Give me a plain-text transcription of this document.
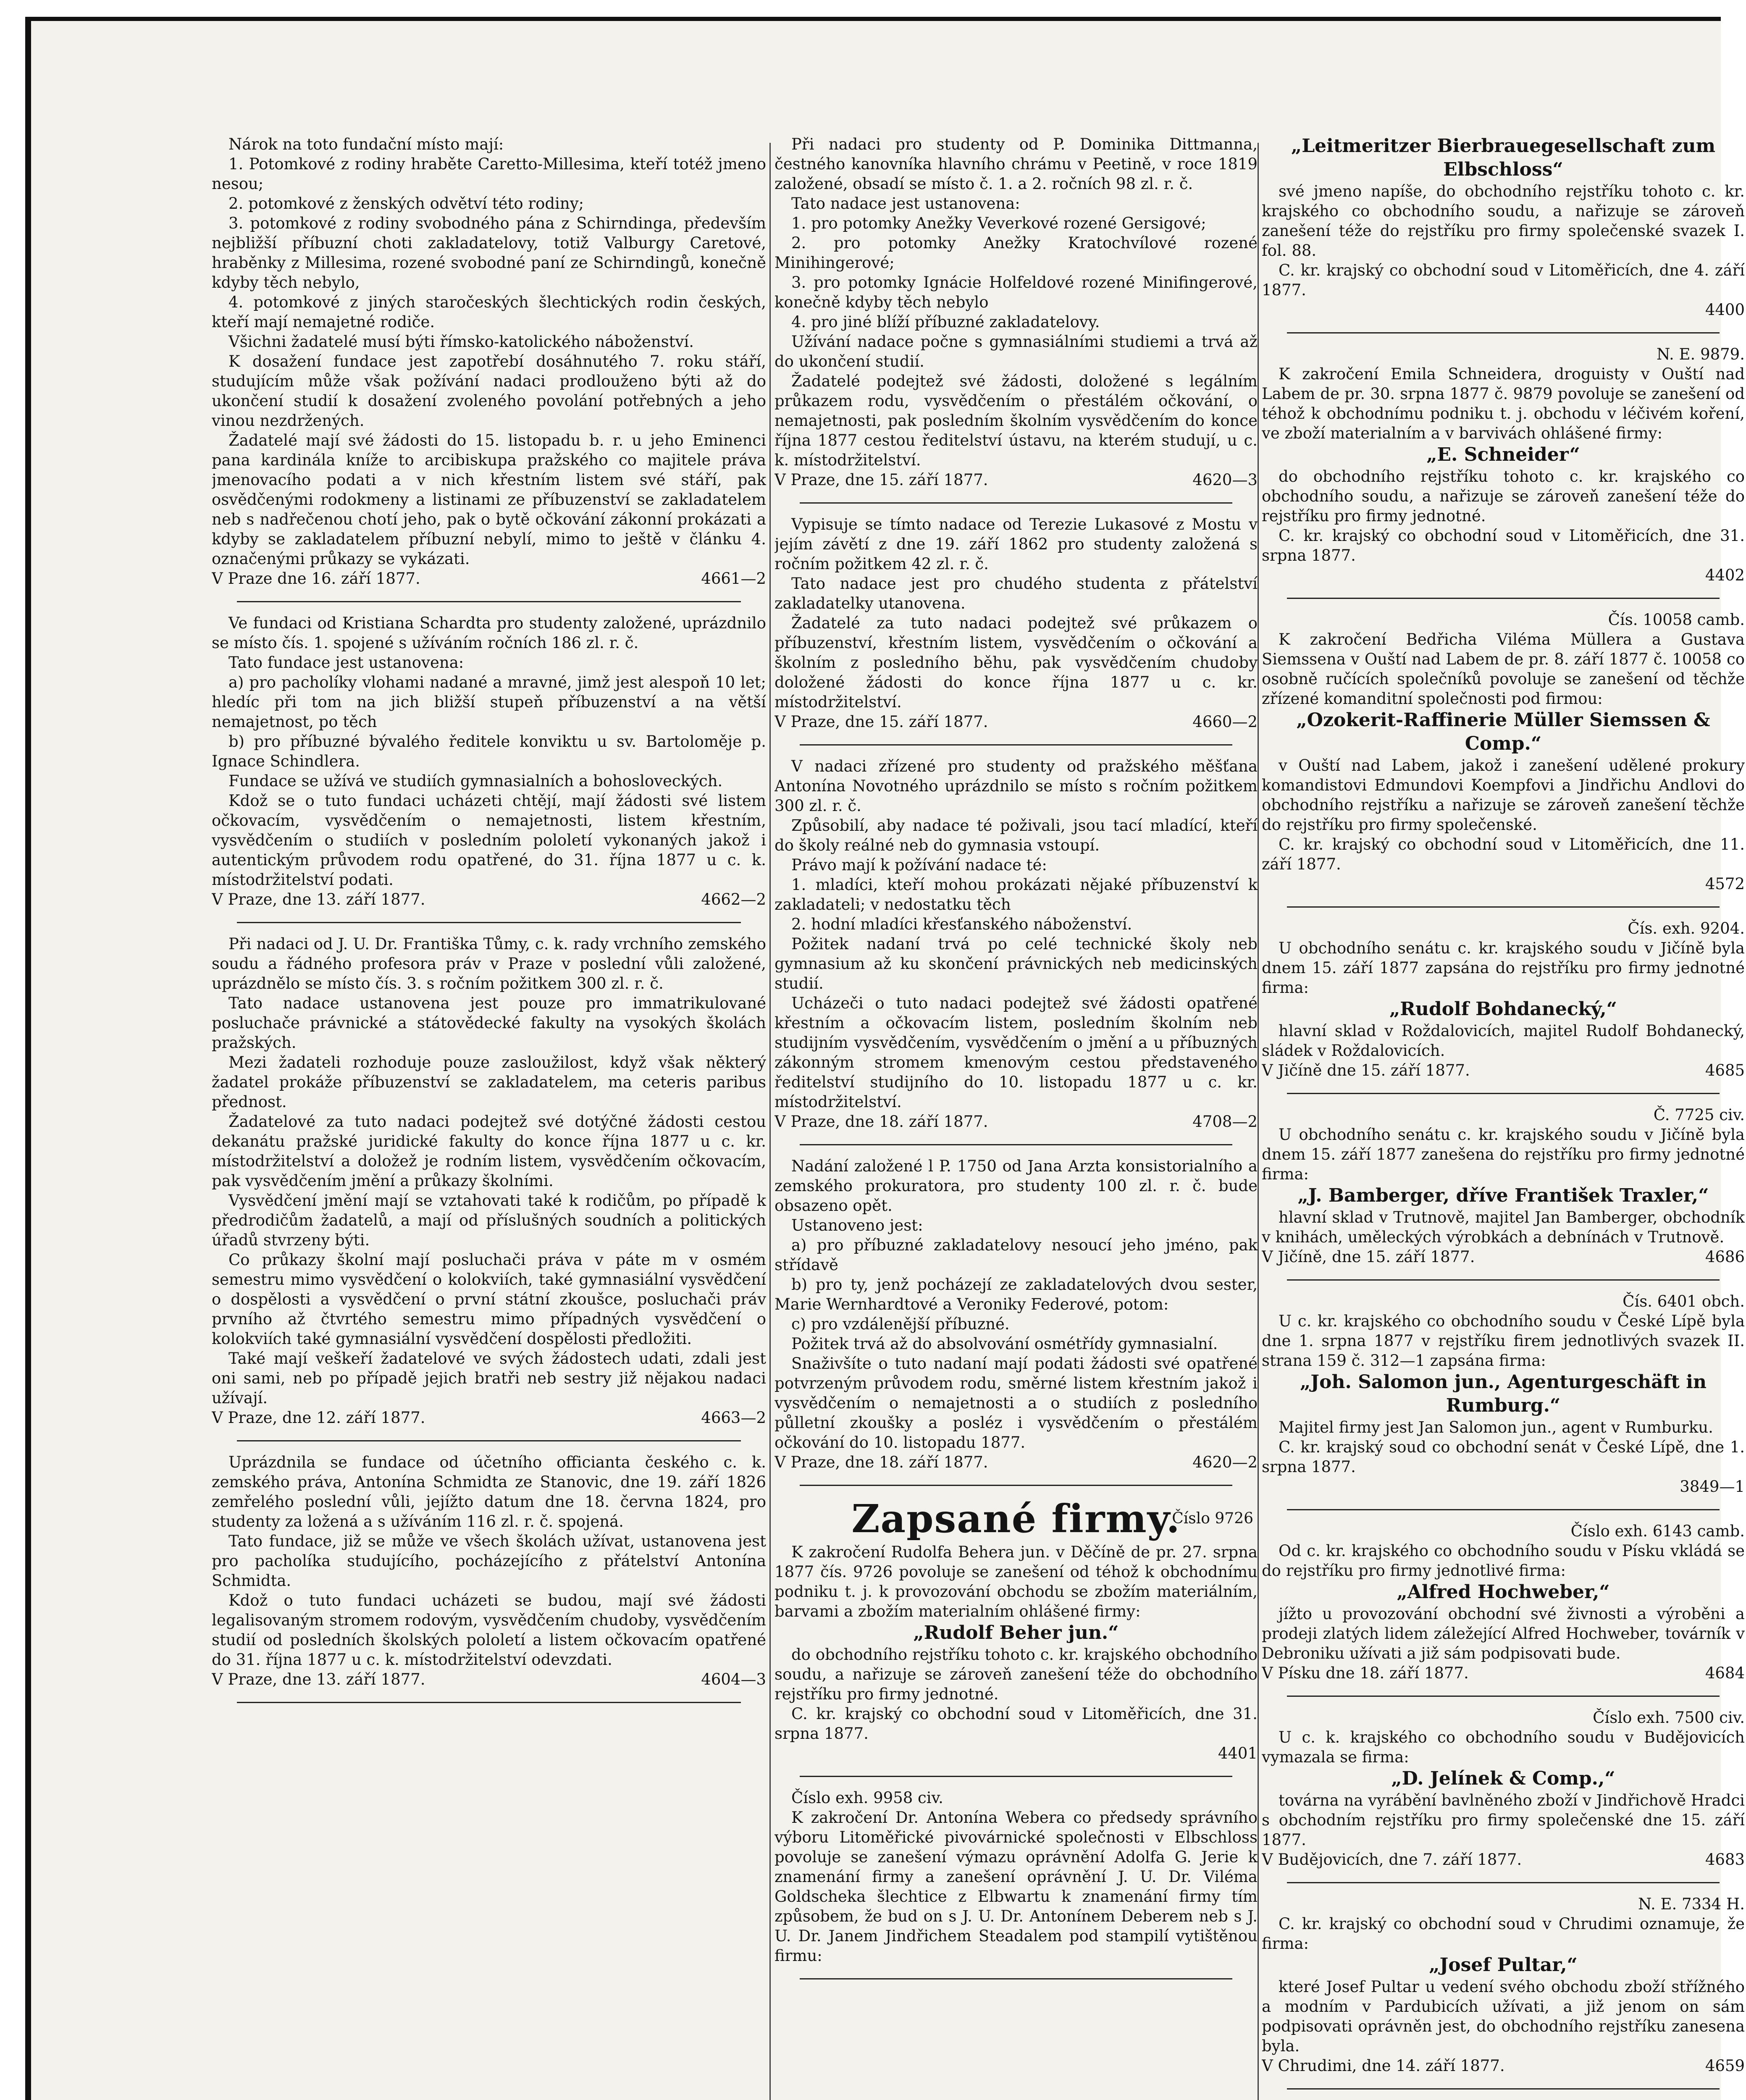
Nárok na toto fundační místo mají:

1. Potomkové z rodiny hraběte Caretto-Millesima, kteří totéž jmeno nesou;

2. potomkové z ženských odvětví této rodiny;

3. potomkové z rodiny svobodného pána z Schirndinga, především nejbližší příbuzní choti zakladatelovy, totiž Valburgy Caretové, hraběnky z Millesima, rozené svobodné paní ze Schirndingů, konečně kdyby těch nebylo,

4. potomkové z jiných staročeských šlechtických rodin českých, kteří mají nemajetné rodiče.

Všichni žadatelé musí býti římsko-katolického náboženství.

K dosažení fundace jest zapotřebí dosáhnutého 7. roku stáří, studujícím může však požívání nadaci prodlouženo býti až do ukončení studií k dosažení zvoleného povolání potřebných a jeho vinou nezdržených.

Žadatelé mají své žádosti do 15. listopadu b. r. u jeho Eminenci pana kardinála kníže to arcibiskupa pražského co majitele práva jmenovacího podati a v nich křestním listem své stáří, pak osvědčenými rodokmeny a listinami ze příbuzenství se zakladatelem neb s nadřečenou chotí jeho, pak o bytě očkování zákonní prokázati a kdyby se zakladatelem příbuzní nebylí, mimo to ještě v článku 4. označenými průkazy se vykázati.

V Praze dne 16. září 1877.	4661—2

Ve fundaci od Kristiana Schardta pro studenty založené, uprázdnilo se místo čís. 1. spojené s užíváním ročních 186 zl. r. č.

Tato fundace jest ustanovena:

a) pro pacholíky vlohami nadané a mravné, jimž jest alespoň 10 let; hledíc při tom na jich bližší stupeň příbuzenství a na větší nemajetnost, po těch

b) pro příbuzné bývalého ředitele konviktu u sv. Bartoloměje p. Ignace Schindlera.

Fundace se užívá ve studiích gymnasialních a bohosloveckých.

Kdož se o tuto fundaci ucházeti chtějí, mají žádosti své listem očkovacím, vysvědčením o nemajetnosti, listem křestním, vysvědčením o studiích v posledním pololetí vykonaných jakož i autentickým průvodem rodu opatřené, do 31. října 1877 u c. k. místodržitelství podati.

V Praze, dne 13. září 1877.	4662—2

Při nadaci od J. U. Dr. Františka Tůmy, c. k. rady vrchního zemského soudu a řádného profesora práv v Praze v poslední vůli založené, uprázdnělo se místo čís. 3. s ročním požitkem 300 zl. r. č.

Tato nadace ustanovena jest pouze pro immatrikulované posluchače právnické a státovědecké fakulty na vysokých školách pražských.

Mezi žadateli rozhoduje pouze zasloužilost, když však některý žadatel prokáže příbuzenství se zakladatelem, ma ceteris paribus přednost.

Žadatelové za tuto nadaci podejtež své dotýčné žádosti cestou dekanátu pražské juridické fakulty do konce října 1877 u c. kr. místodržitelství a doložež je rodním listem, vysvědčením očkovacím, pak vysvědčením jmění a průkazy školními.

Vysvědčení jmění mají se vztahovati také k rodičům, po případě k předrodičům žadatelů, a mají od příslušných soudních a politických úřadů stvrzeny býti.

Co průkazy školní mají posluchači práva v páte m v osmém semestru mimo vysvědčení o kolokviích, také gymnasiální vysvědčení o dospělosti a vysvědčení o první státní zkoušce, posluchači práv prvního až čtvrtého semestru mimo případných vysvědčení o kolokviích také gymnasiální vysvědčení dospělosti předložiti.

Také mají veškeří žadatelové ve svých žádostech udati, zdali jest oni sami, neb po případě jejich bratři neb sestry již nějakou nadaci užívají.

V Praze, dne 12. září 1877.	4663—2

Uprázdnila se fundace od účetního officianta českého c. k. zemského práva, Antonína Schmidta ze Stanovic, dne 19. září 1826 zemřelého poslední vůli, jejížto datum dne 18. června 1824, pro studenty za ložená a s užíváním 116 zl. r. č. spojená.

Tato fundace, již se může ve všech školách užívat, ustanovena jest pro pacholíka studujícího, pocházejícího z přátelství Antonína Schmidta.

Kdož o tuto fundaci ucházeti se budou, mají své žádosti legalisovaným stromem rodovým, vysvědčením chudoby, vysvědčením studií od posledních školských pololetí a listem očkovacím opatřené do 31. října 1877 u c. k. místodržitelství odevzdati.

V Praze, dne 13. září 1877.	4604—3

Při nadaci pro studenty od P. Dominika Dittmanna, čestného kanovníka hlavního chrámu v Peetině, v roce 1819 založené, obsadí se místo č. 1. a 2. ročních 98 zl. r. č.

Tato nadace jest ustanovena:

1. pro potomky Anežky Veverkové rozené Gersigové;

2. pro potomky Anežky Kratochvílové rozené Minihingerové;

3. pro potomky Ignácie Holfeldové rozené Minifingerové, konečně kdyby těch nebylo

4. pro jiné blíží příbuzné zakladatelovy.

Užívání nadace počne s gymnasiálními studiemi a trvá až do ukončení studií.

Žadatelé podejtež své žádosti, doložené s legálním průkazem rodu, vysvědčením o přestálém očkování, o nemajetnosti, pak posledním školním vysvědčením do konce října 1877 cestou ředitelství ústavu, na kterém studují, u c. k. místodržitelství.

V Praze, dne 15. září 1877.	4620—3

Vypisuje se tímto nadace od Terezie Lukasové z Mostu v jejím závětí z dne 19. září 1862 pro studenty založená s ročním požitkem 42 zl. r. č.

Tato nadace jest pro chudého studenta z přátelství zakladatelky utanovena.

Žadatelé za tuto nadaci podejtež své průkazem o příbuzenství, křestním listem, vysvědčením o očkování a školním z posledního běhu, pak vysvědčením chudoby doložené žádosti do konce října 1877 u c. kr. místodržitelství.

V Praze, dne 15. září 1877.	4660—2

V nadaci zřízené pro studenty od pražského měšťana Antonína Novotného uprázdnilo se místo s ročním požitkem 300 zl. r. č.

Způsobilí, aby nadace té poživali, jsou tací mladící, kteří do školy reálné neb do gymnasia vstoupí.

Právo mají k požívání nadace té:

1. mladíci, kteří mohou prokázati nějaké příbuzenství k zakladateli; v nedostatku těch

2. hodní mladíci křesťanského náboženství.

Požitek nadaní trvá po celé technické školy neb gymnasium až ku skončení právnických neb medicinských studií.

Ucházeči o tuto nadaci podejtež své žádosti opatřené křestním a očkovacím listem, posledním školním neb studijním vysvědčením, vysvědčením o jmění a u příbuzných zákonným stromem kmenovým cestou představeného ředitelství studijního do 10. listopadu 1877 u c. kr. místodržitelství.

V Praze, dne 18. září 1877.	4708—2

Nadání založené l P. 1750 od Jana Arzta konsistorialního a zemského prokuratora, pro studenty 100 zl. r. č. bude obsazeno opět.

Ustanoveno jest:

a) pro příbuzné zakladatelovy nesoucí jeho jméno, pak střídavě

b) pro ty, jenž pocházejí ze zakladatelových dvou sester, Marie Wernhardtové a Veroniky Federové, potom:

c) pro vzdálenější příbuzné.

Požitek trvá až do absolvování osmétřídy gymnasialní.

Snaživšíte o tuto nadaní mají podati žádosti své opatřené potvrzeným průvodem rodu, směrné listem křestním jakož i vysvědčením o nemajetnosti a o studiích z posledního půlletní zkoušky a posléz i vysvědčením o přestálém očkování do 10. listopadu 1877.

V Praze, dne 18. září 1877.	4620—2

Zapsané firmy.
Číslo 9726

K zakročení Rudolfa Behera jun. v Děčíně de pr. 27. srpna 1877 čís. 9726 povoluje se zanešení od téhož k obchodnímu podniku t. j. k provozování obchodu se zbožím materiálním, barvami a zbožím materialním ohlášené firmy:

„Rudolf Beher jun.“

do obchodního rejstříku tohoto c. kr. krajského obchodního soudu, a nařizuje se zároveň zanešení téže do obchodního rejstříku pro firmy jednotné.

C. kr. krajský co obchodní soud v Litoměřicích, dne 31. srpna 1877.

4401

Číslo exh. 9958 civ.

K zakročení Dr. Antonína Webera co předsedy správního výboru Litoměřické pivovárnické společnosti v Elbschloss povoluje se zanešení výmazu oprávnění Adolfa G. Jerie k znamenání firmy a zanešení oprávnění J. U. Dr. Viléma Goldscheka šlechtice z Elbwartu k znamenání firmy tím způsobem, že bud on s J. U. Dr. Antonínem Deberem neb s J. U. Dr. Janem Jindřichem Steadalem pod stampilí vytištěnou firmu:

„Leitmeritzer Bierbrauegesellschaft zum Elbschloss“

své jmeno napíše, do obchodního rejstříku tohoto c. kr. krajského co obchodního soudu, a nařizuje se zároveň zanešení téže do rejstříku pro firmy společenské svazek I. fol. 88.

C. kr. krajský co obchodní soud v Litoměřicích, dne 4. září 1877.

4400

N. E. 9879.

K zakročení Emila Schneidera, droguisty v Ouští nad Labem de pr. 30. srpna 1877 č. 9879 povoluje se zanešení od téhož k obchodnímu podniku t. j. obchodu v léčivém koření, ve zboží materialním a v barvivách ohlášené firmy:

„E. Schneider“

do obchodního rejstříku tohoto c. kr. krajského co obchodního soudu, a nařizuje se zároveň zanešení téže do rejstříku pro firmy jednotné.

C. kr. krajský co obchodní soud v Litoměřicích, dne 31. srpna 1877.

4402

Čís. 10058 camb.

K zakročení Bedřicha Viléma Müllera a Gustava Siemssena v Ouští nad Labem de pr. 8. září 1877 č. 10058 co osobně ručících společníků povoluje se zanešení od těchže zřízené komanditní společnosti pod firmou:

„Ozokerit-Raffinerie Müller Siemssen & Comp.“

v Ouští nad Labem, jakož i zanešení udělené prokury komandistovi Edmundovi Koempfovi a Jindřichu Andlovi do obchodního rejstříku a nařizuje se zároveň zanešení těchže do rejstříku pro firmy společenské.

C. kr. krajský co obchodní soud v Litoměřicích, dne 11. září 1877.

4572

Čís. exh. 9204.

U obchodního senátu c. kr. krajského soudu v Jičíně byla dnem 15. září 1877 zapsána do rejstříku pro firmy jednotné firma:

„Rudolf Bohdanecký,“

hlavní sklad v Roždalovicích, majitel Rudolf Bohdanecký, sládek v Roždalovicích.

V Jičíně dne 15. září 1877.	4685

Č. 7725 civ.

U obchodního senátu c. kr. krajského soudu v Jičíně byla dnem 15. září 1877 zanešena do rejstříku pro firmy jednotné firma:

„J. Bamberger, dříve František Traxler,“

hlavní sklad v Trutnově, majitel Jan Bamberger, obchodník v knihách, uměleckých výrobkách a debnínách v Trutnově.

V Jičíně, dne 15. září 1877.	4686

Čís. 6401 obch.

U c. kr. krajského co obchodního soudu v České Lípě byla dne 1. srpna 1877 v rejstříku firem jednotlivých svazek II. strana 159 č. 312—1 zapsána firma:

„Joh. Salomon jun., Agenturgeschäft in Rumburg.“

Majitel firmy jest Jan Salomon jun., agent v Rumburku.

C. kr. krajský soud co obchodní senát v České Lípě, dne 1. srpna 1877.

3849—1

Číslo exh. 6143 camb.

Od c. kr. krajského co obchodního soudu v Písku vkládá se do rejstříku pro firmy jednotlivé firma:

„Alfred Hochweber,“

jížto u provozování obchodní své živnosti a výroběni a prodeji zlatých lidem záležející Alfred Hochweber, továrník v Debroniku užívati a již sám podpisovati bude.

V Písku dne 18. září 1877.	4684

Číslo exh. 7500 civ.

U c. k. krajského co obchodního soudu v Budějovicích vymazala se firma:

„D. Jelínek & Comp.,“

továrna na vyrábění bavlněného zboží v Jindřichově Hradci s obchodním rejstříku pro firmy společenské dne 15. září 1877.

V Budějovicích, dne 7. září 1877.	4683

N. E. 7334 H.

C. kr. krajský co obchodní soud v Chrudimi oznamuje, že firma:

„Josef Pultar,“

které Josef Pultar u vedení svého obchodu zboží střížného a modním v Pardubicích užívati, a již jenom on sám podpisovati oprávněn jest, do obchodního rejstříku zanesena byla.

V Chrudimi, dne 14. září 1877.	4659
